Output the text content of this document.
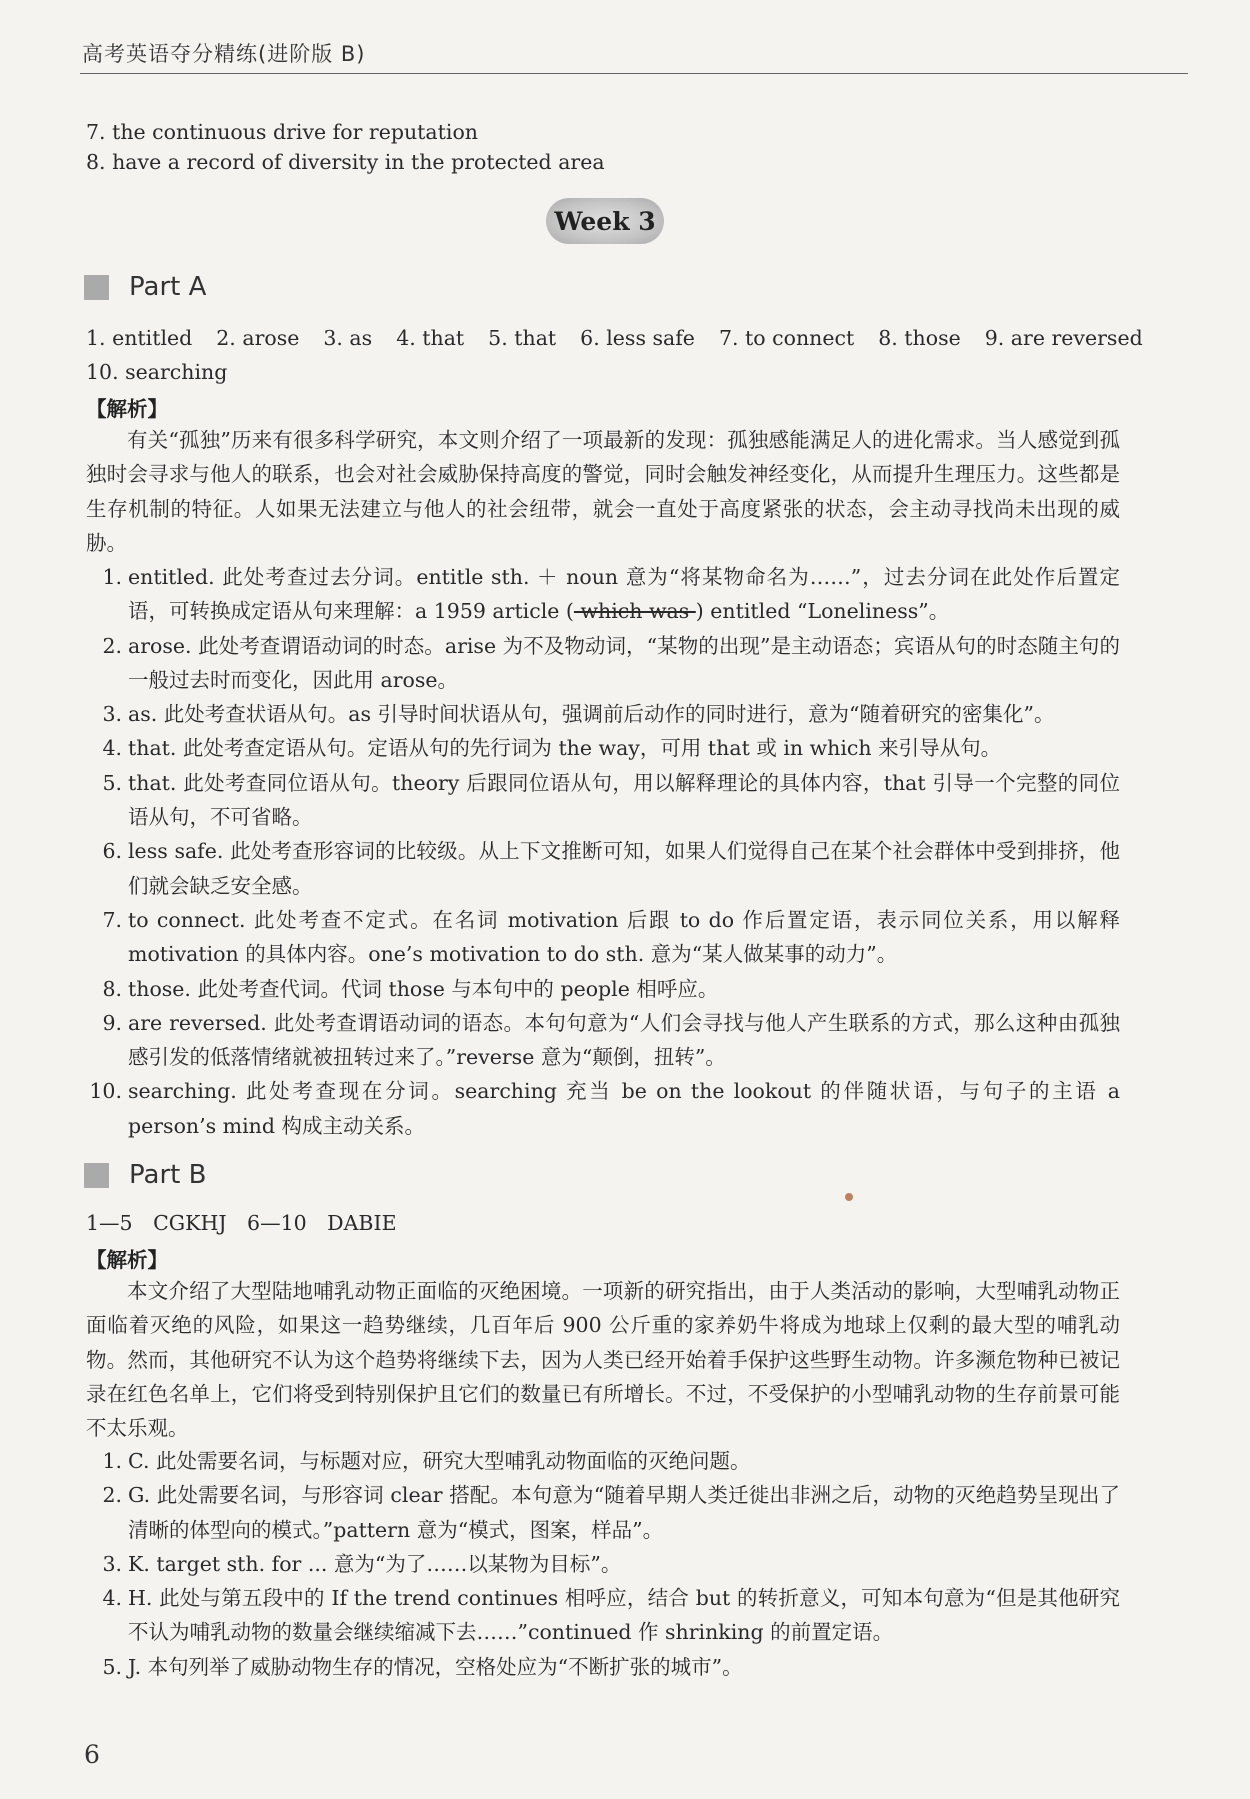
高考英语夺分精练(进阶版 B)
7. the continuous drive for reputation
8. have a record of diversity in the protected area
Week 3
Part A
1. entitled 2. arose 3. as 4. that 5. that 6. less safe 7. to connect 8. those 9. are reversed
10. searching
【解析】
有关“孤独”历来有很多科学研究，本文则介绍了一项最新的发现：孤独感能满足人的进化需求。当人感觉到孤独时会寻求与他人的联系，也会对社会威胁保持高度的警觉，同时会触发神经变化，从而提升生理压力。这些都是生存机制的特征。人如果无法建立与他人的社会纽带，就会一直处于高度紧张的状态，会主动寻找尚未出现的威胁。
1. entitled. 此处考查过去分词。entitle sth. ＋ noun 意为“将某物命名为……”，过去分词在此处作后置定语，可转换成定语从句来理解：a 1959 article ( which was ) entitled “Loneliness”。
2. arose. 此处考查谓语动词的时态。arise 为不及物动词，“某物的出现”是主动语态；宾语从句的时态随主句的一般过去时而变化，因此用 arose。
3. as. 此处考查状语从句。as 引导时间状语从句，强调前后动作的同时进行，意为“随着研究的密集化”。
4. that. 此处考查定语从句。定语从句的先行词为 the way，可用 that 或 in which 来引导从句。
5. that. 此处考查同位语从句。theory 后跟同位语从句，用以解释理论的具体内容，that 引导一个完整的同位语从句，不可省略。
6. less safe. 此处考查形容词的比较级。从上下文推断可知，如果人们觉得自己在某个社会群体中受到排挤，他们就会缺乏安全感。
7. to connect. 此处考查不定式。在名词 motivation 后跟 to do 作后置定语，表示同位关系，用以解释 motivation 的具体内容。one’s motivation to do sth. 意为“某人做某事的动力”。
8. those. 此处考查代词。代词 those 与本句中的 people 相呼应。
9. are reversed. 此处考查谓语动词的语态。本句句意为“人们会寻找与他人产生联系的方式，那么这种由孤独感引发的低落情绪就被扭转过来了。”reverse 意为“颠倒，扭转”。
10. searching. 此处考查现在分词。searching 充当 be on the lookout 的伴随状语，与句子的主语 a person’s mind 构成主动关系。
Part B
1—5　CGKHJ　6—10　DABIE
【解析】
本文介绍了大型陆地哺乳动物正面临的灭绝困境。一项新的研究指出，由于人类活动的影响，大型哺乳动物正面临着灭绝的风险，如果这一趋势继续，几百年后 900 公斤重的家养奶牛将成为地球上仅剩的最大型的哺乳动物。然而，其他研究不认为这个趋势将继续下去，因为人类已经开始着手保护这些野生动物。许多濒危物种已被记录在红色名单上，它们将受到特别保护且它们的数量已有所增长。不过，不受保护的小型哺乳动物的生存前景可能不太乐观。
1. C. 此处需要名词，与标题对应，研究大型哺乳动物面临的灭绝问题。
2. G. 此处需要名词，与形容词 clear 搭配。本句意为“随着早期人类迁徙出非洲之后，动物的灭绝趋势呈现出了清晰的体型向的模式。”pattern 意为“模式，图案，样品”。
3. K. target sth. for ... 意为“为了……以某物为目标”。
4. H. 此处与第五段中的 If the trend continues 相呼应，结合 but 的转折意义，可知本句意为“但是其他研究不认为哺乳动物的数量会继续缩减下去……”continued 作 shrinking 的前置定语。
5. J. 本句列举了威胁动物生存的情况，空格处应为“不断扩张的城市”。
6
